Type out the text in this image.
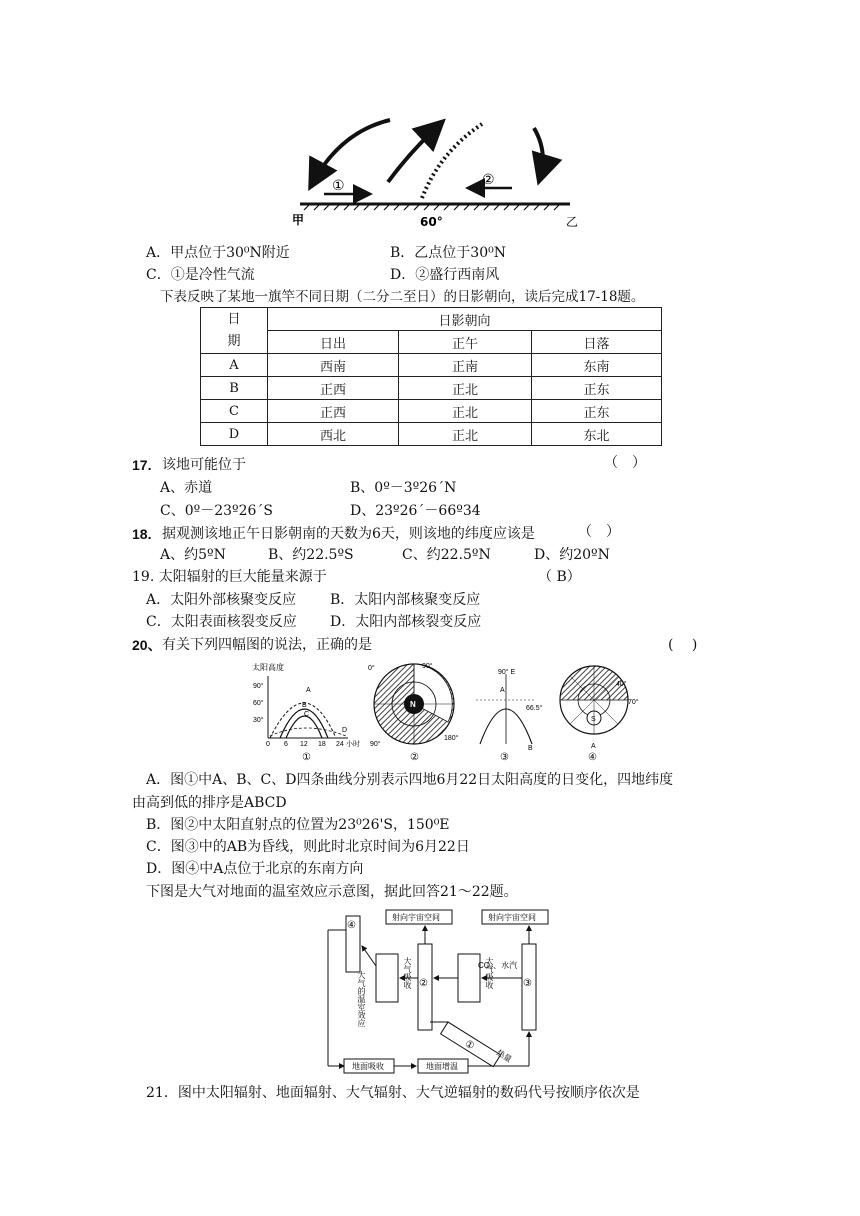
①	②
甲	60°	乙
A．甲点位于30⁰N附近	B．乙点位于30⁰N
C．①是冷性气流	D．②盛行西南风
下表反映了某地一旗竿不同日期（二分二至日）的日影朝向，读后完成17-18题。
日
期	日影朝向		
	日出	正午	日落
A	西南	正南	东南
B	正西	正北	正东
C	正西	正北	正东
D	西北	正北	东北
17. 该地可能位于	（　）
A、赤道	B、0º－3º26´N
C、0º－23º26´S	D、23º26´－66º34
18. 据观测该地正午日影朝南的天数为6天，则该地的纬度应该是	（　）
A、约5ºN	B、约22.5ºS	C、约22.5ºN	D、约20ºN
19. 太阳辐射的巨大能量来源于	（ B）
A．太阳外部核聚变反应 B．太阳内部核聚变反应
C．太阳表面核裂变反应 D．太阳内部核裂变反应
20、 有关下列四幅图的说法，正确的是	(　 )
太阳高度
90°
60°
30°
A
B
C
D
0 6 12 18 24 小时
①
0°	90°
N
180°
90°
②
90° E
A
B
66.5°
③
40°
70°
S
A
④
A．图①中A、B、C、D四条曲线分别表示四地6月22日太阳高度的日变化，四地纬度
由高到低的排序是ABCD
B．图②中太阳直射点的位置为23⁰26'S，150⁰E
C．图③中的AB为昏线，则此时北京时间为6月22日
D．图④中A点位于北京的东南方向
下图是大气对地面的温室效应示意图，据此回答21～22题。
射向宇宙空间	射向宇宙空间
④
②	③
大气吸收	大气吸收
CO₂、水汽
①
热量
大气的温室效应
地面吸收	地面增温
21．图中太阳辐射、地面辐射、大气辐射、大气逆辐射的数码代号按顺序依次是
